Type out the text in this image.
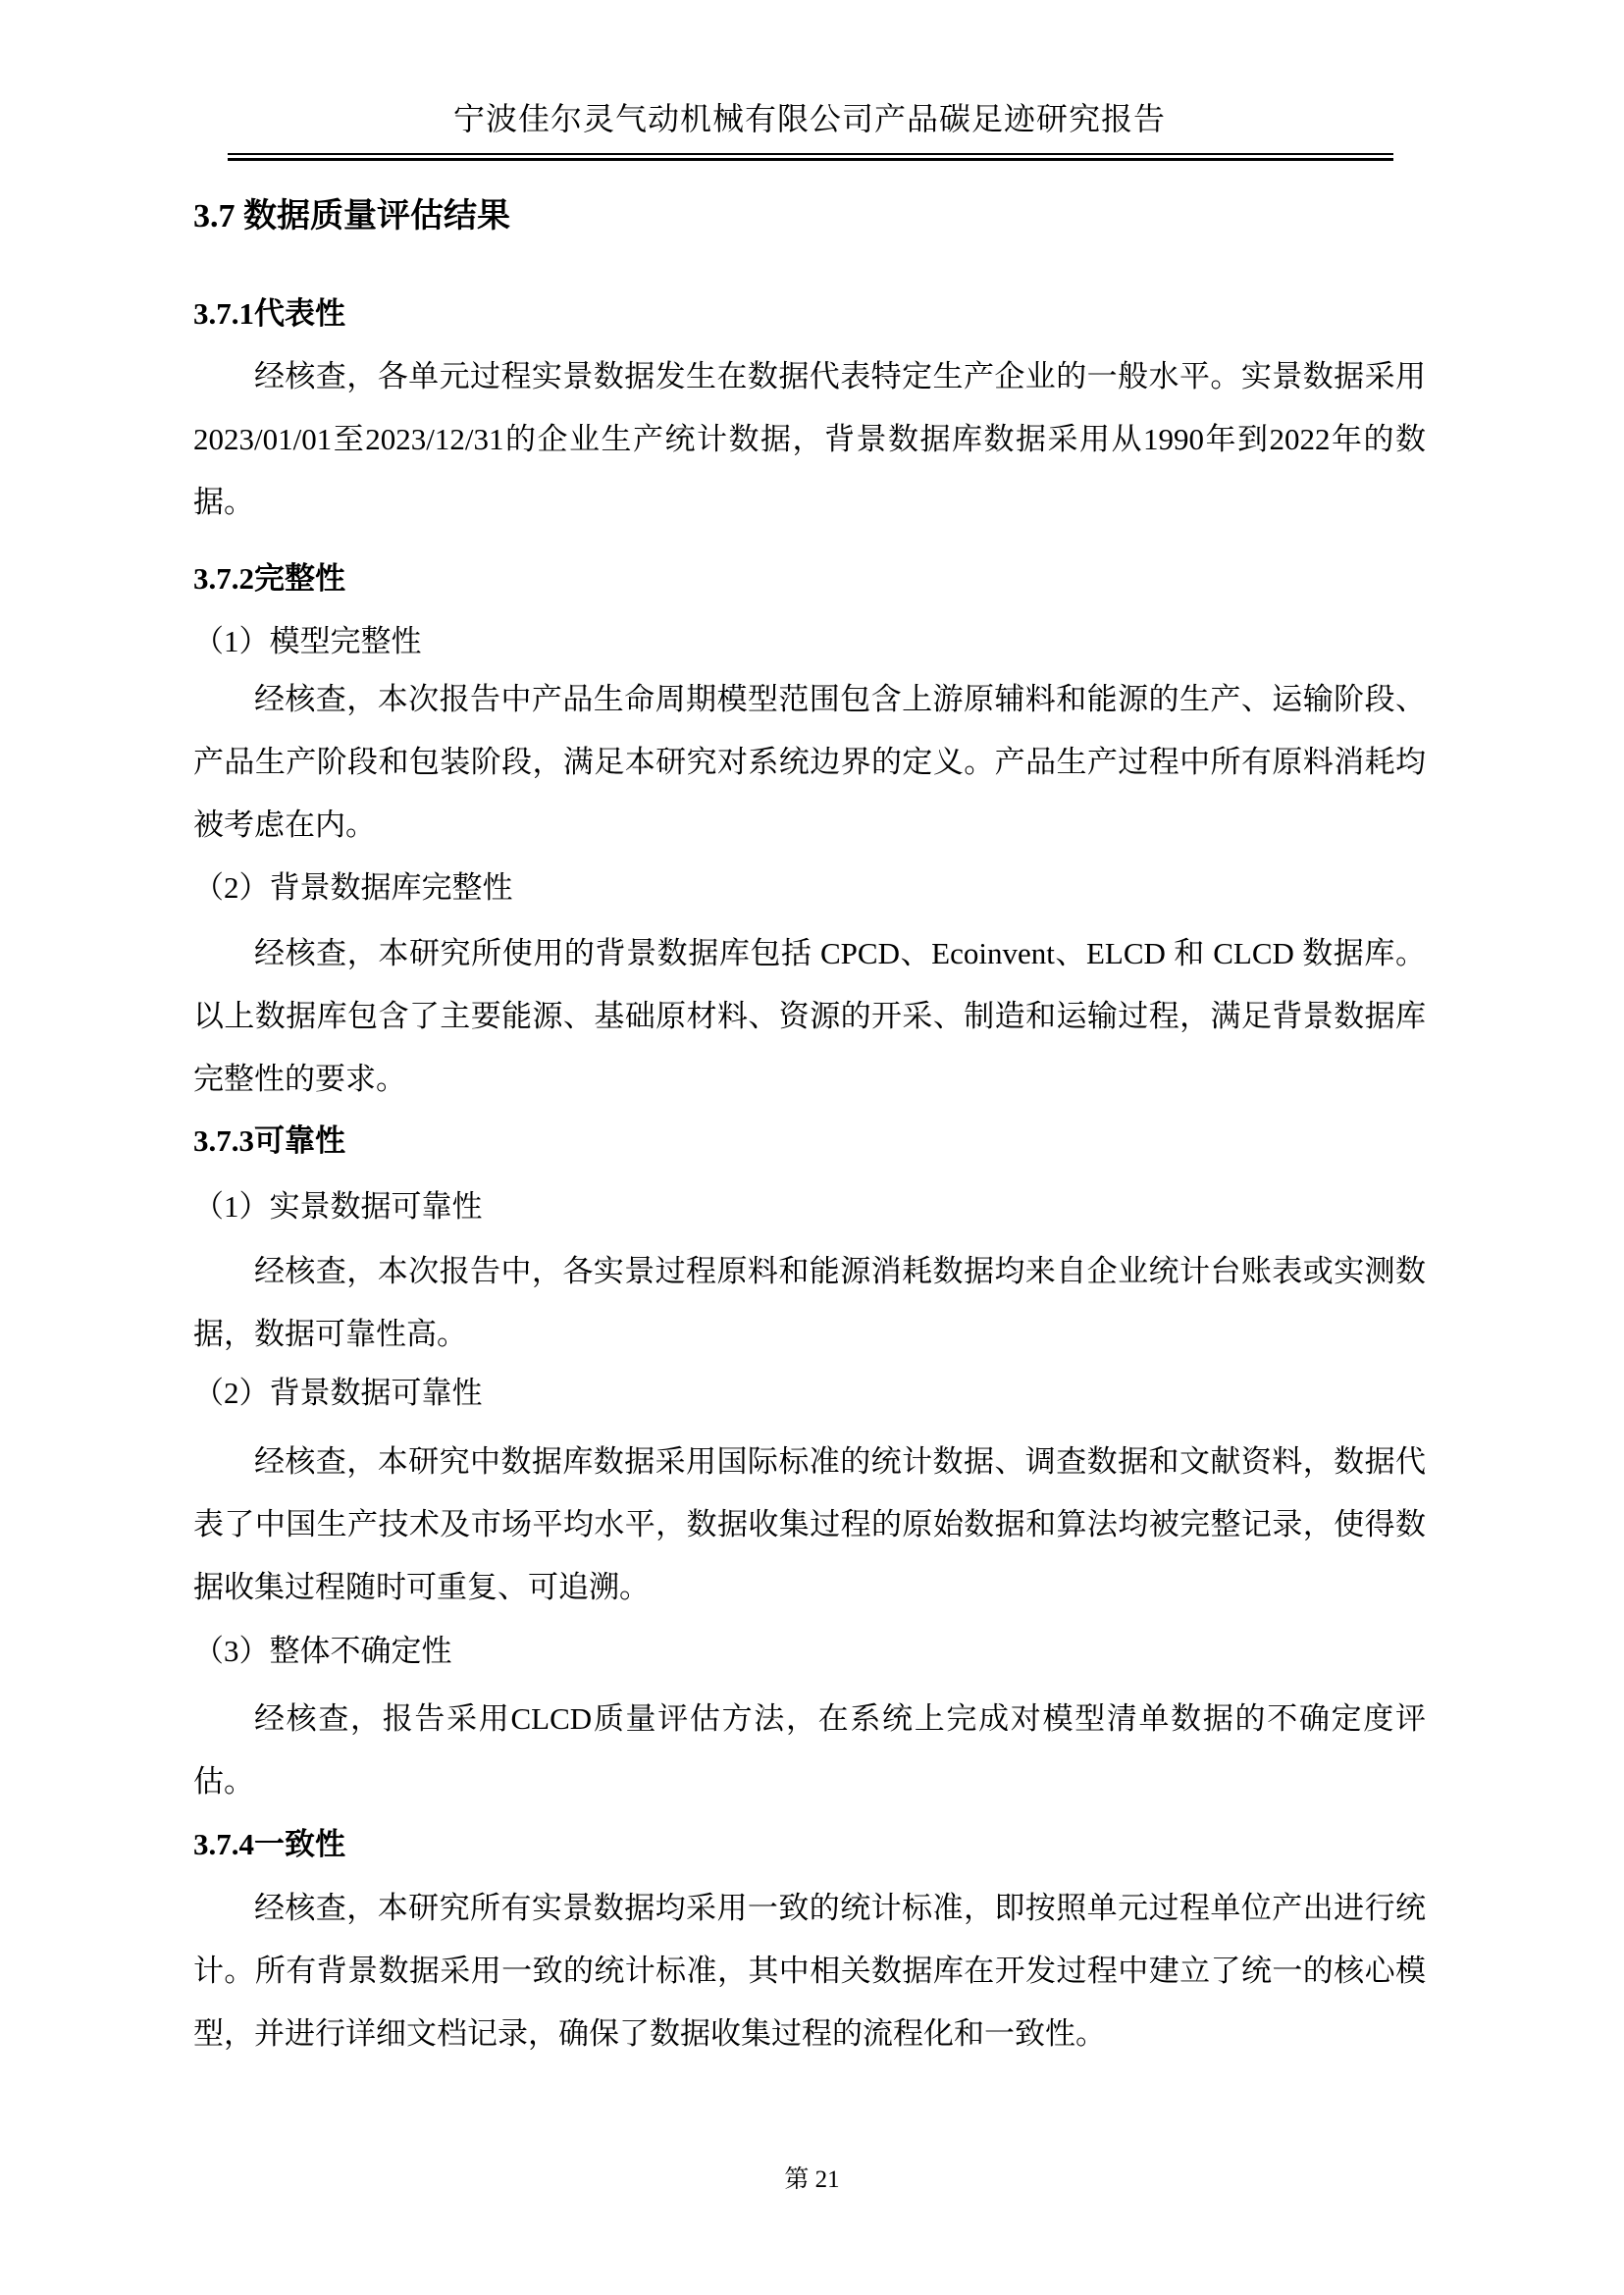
宁波佳尔灵气动机械有限公司产品碳足迹研究报告
3.7 数据质量评估结果
3.7.1代表性

经核查，各单元过程实景数据发生在数据代表特定生产企业的一般水平。实景数据采用2023/01/01至2023/12/31的企业生产统计数据，背景数据库数据采用从1990年到2022年的数据。

3.7.2完整性
（1）模型完整性

经核查，本次报告中产品生命周期模型范围包含上游原辅料和能源的生产、运输阶段、产品生产阶段和包装阶段，满足本研究对系统边界的定义。产品生产过程中所有原料消耗均被考虑在内。

（2）背景数据库完整性

经核查，本研究所使用的背景数据库包括 CPCD、Ecoinvent、ELCD 和 CLCD 数据库。以上数据库包含了主要能源、基础原材料、资源的开采、制造和运输过程，满足背景数据库完整性的要求。

3.7.3可靠性
（1）实景数据可靠性

经核查，本次报告中，各实景过程原料和能源消耗数据均来自企业统计台账表或实测数据，数据可靠性高。

（2）背景数据可靠性

经核查，本研究中数据库数据采用国际标准的统计数据、调查数据和文献资料，数据代表了中国生产技术及市场平均水平，数据收集过程的原始数据和算法均被完整记录，使得数据收集过程随时可重复、可追溯。

（3）整体不确定性

经核查，报告采用CLCD质量评估方法，在系统上完成对模型清单数据的不确定度评估。

3.7.4一致性

经核查，本研究所有实景数据均采用一致的统计标准，即按照单元过程单位产出进行统计。所有背景数据采用一致的统计标准，其中相关数据库在开发过程中建立了统一的核心模型，并进行详细文档记录，确保了数据收集过程的流程化和一致性。

第 21
